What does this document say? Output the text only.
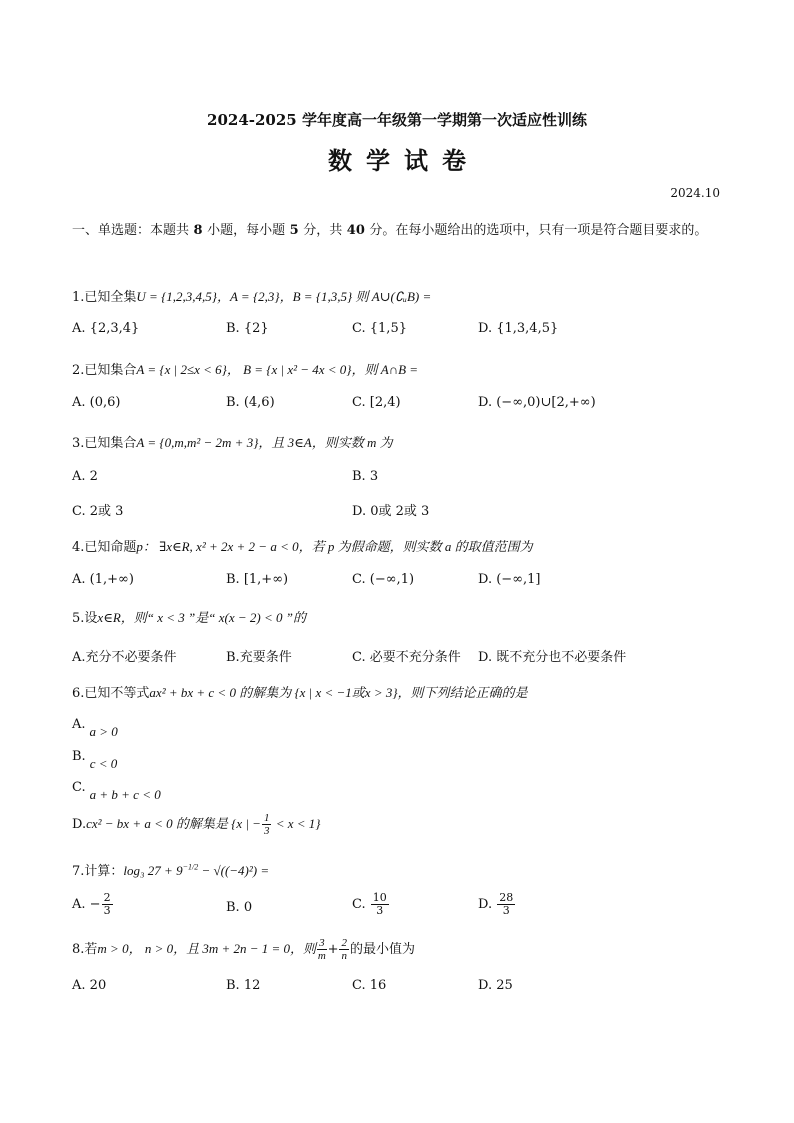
2024-2025 学年度高一年级第一学期第一次适应性训练
数学试卷
2024.10
一、单选题：本题共 8 小题，每小题 5 分，共 40 分。在每小题给出的选项中，只有一项是符合题目要求的。
1.已知全集U = {1,2,3,4,5}，A = {2,3}，B = {1,3,5} 则 A∪(∁ᵤB) =
A. {2,3,4}	B. {2}	C. {1,5}	D. {1,3,4,5}
2.已知集合A = {x | 2≤x < 6}， B = {x | x² − 4x < 0}，则 A∩B =
A. (0,6)	B. (4,6)	C. [2,4)	D. (−∞,0)∪[2,+∞)
3.已知集合A = {0,m,m² − 2m + 3}，且 3∈A，则实数 m 为
A. 2	B. 3
C. 2或 3	D. 0或 2或 3
4.已知命题p： ∃x∈R, x² + 2x + 2 − a < 0，若 p 为假命题，则实数 a 的取值范围为
A. (1,+∞)	B. [1,+∞)	C. (−∞,1)	D. (−∞,1]
5.设x∈R，则“ x < 3 ”是“ x(x − 2) < 0 ”的
A.充分不必要条件	B.充要条件	C. 必要不充分条件 D. 既不充分也不必要条件
6.已知不等式ax² + bx + c < 0 的解集为 {x | x < −1或x > 3}，则下列结论正确的是
A. a > 0
B. c < 0
C. a + b + c < 0
D.cx² − bx + a < 0 的解集是 {x | − $\frac{1}{3} < x < 1$}
7.计算：log₃ $27 + 9^{-1/2} - √((-4)^2)$ =
A. − $\frac{2}{3}$	B. 0	C. $\frac{10}{3}$	D. $\frac{28}{3}$
8.若m > 0， n > 0，且 3m + 2n − 1 = 0，则 $\frac{3}{m} + \frac{2}{n}$ 的最小值为
A. 20	B. 12	C. 16	D. 25
